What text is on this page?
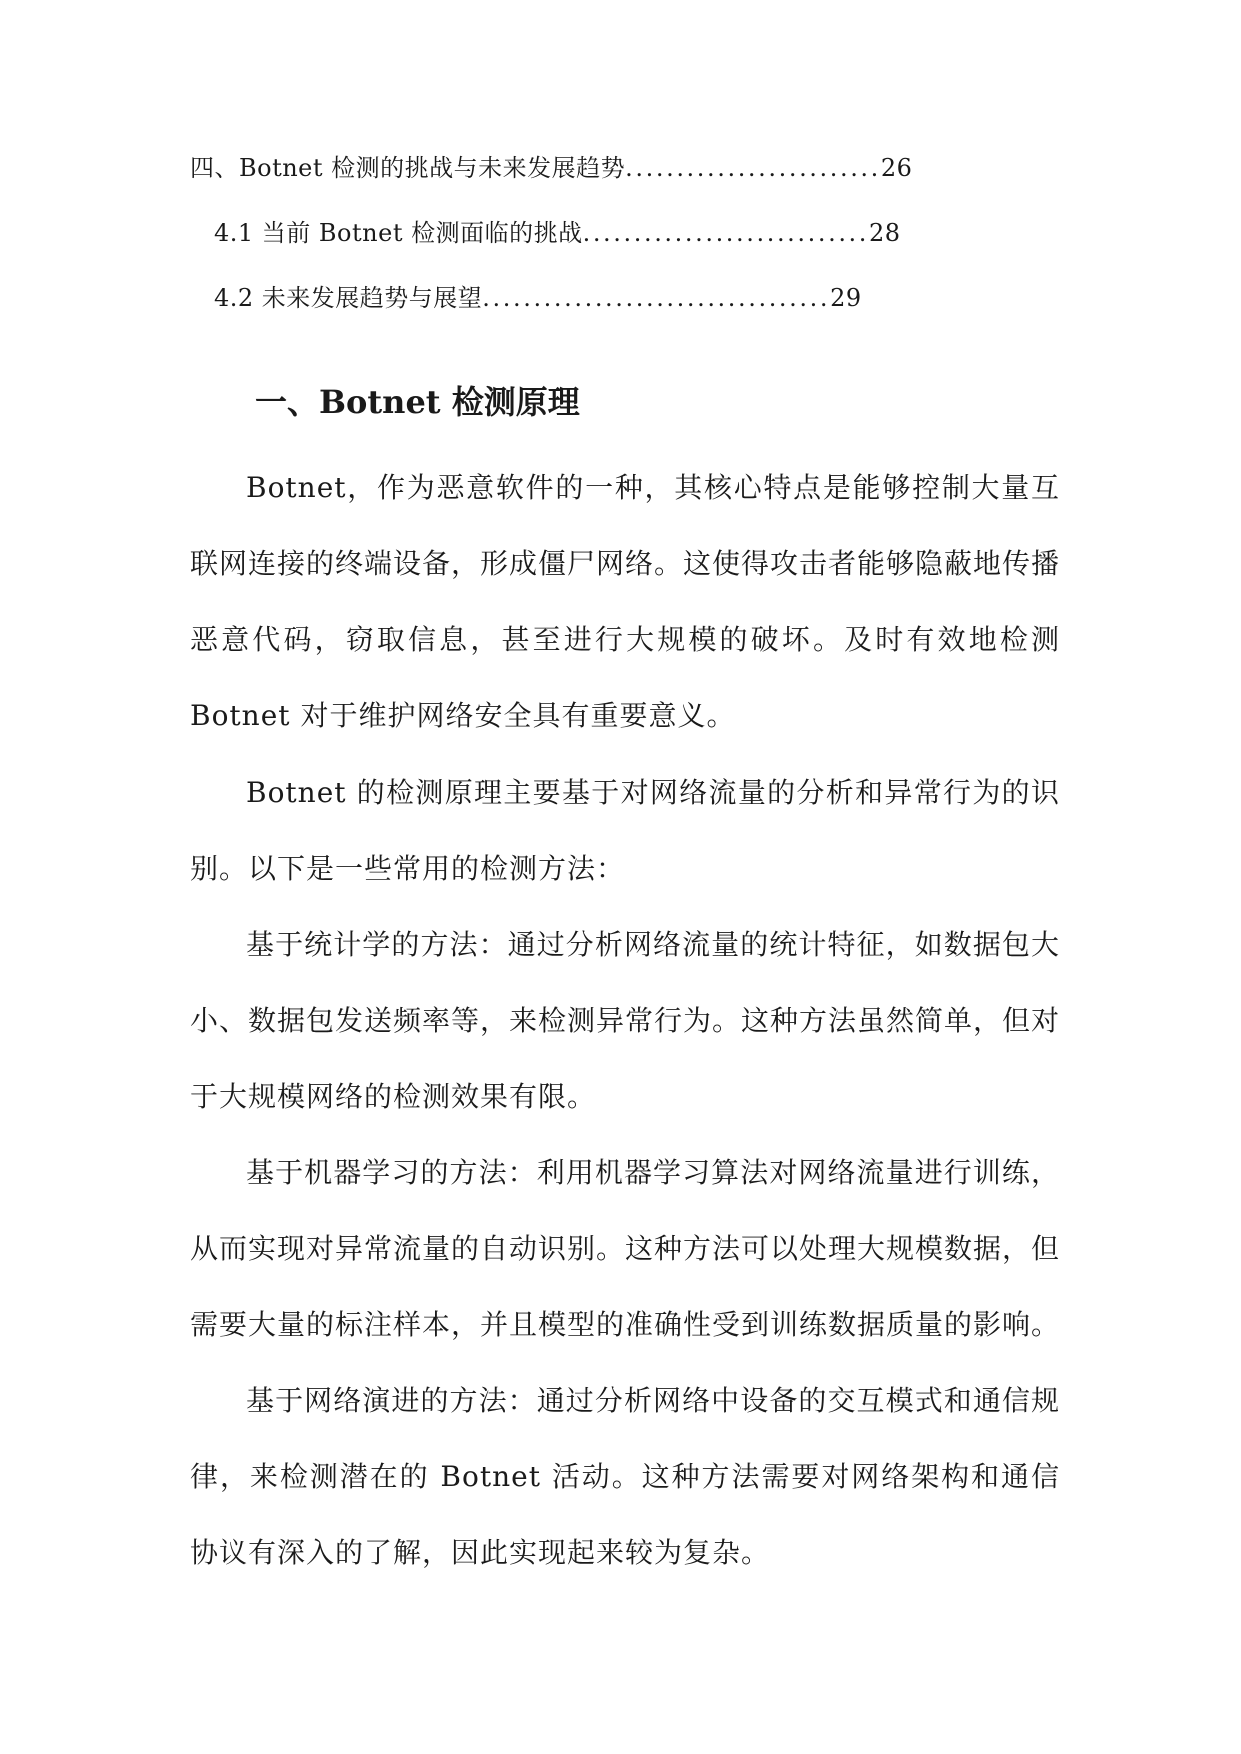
四、Botnet 检测的挑战与未来发展趋势.........................26
4.1 当前 Botnet 检测面临的挑战............................28
4.2 未来发展趋势与展望..................................29
一、Botnet 检测原理

Botnet，作为恶意软件的一种，其核心特点是能够控制大量互联网连接的终端设备，形成僵尸网络。这使得攻击者能够隐蔽地传播恶意代码，窃取信息，甚至进行大规模的破坏。及时有效地检测 Botnet 对于维护网络安全具有重要意义。

Botnet 的检测原理主要基于对网络流量的分析和异常行为的识别。以下是一些常用的检测方法：

基于统计学的方法：通过分析网络流量的统计特征，如数据包大小、数据包发送频率等，来检测异常行为。这种方法虽然简单，但对于大规模网络的检测效果有限。

基于机器学习的方法：利用机器学习算法对网络流量进行训练，从而实现对异常流量的自动识别。这种方法可以处理大规模数据，但需要大量的标注样本，并且模型的准确性受到训练数据质量的影响。

基于网络演进的方法：通过分析网络中设备的交互模式和通信规律，来检测潜在的 Botnet 活动。这种方法需要对网络架构和通信协议有深入的了解，因此实现起来较为复杂。
